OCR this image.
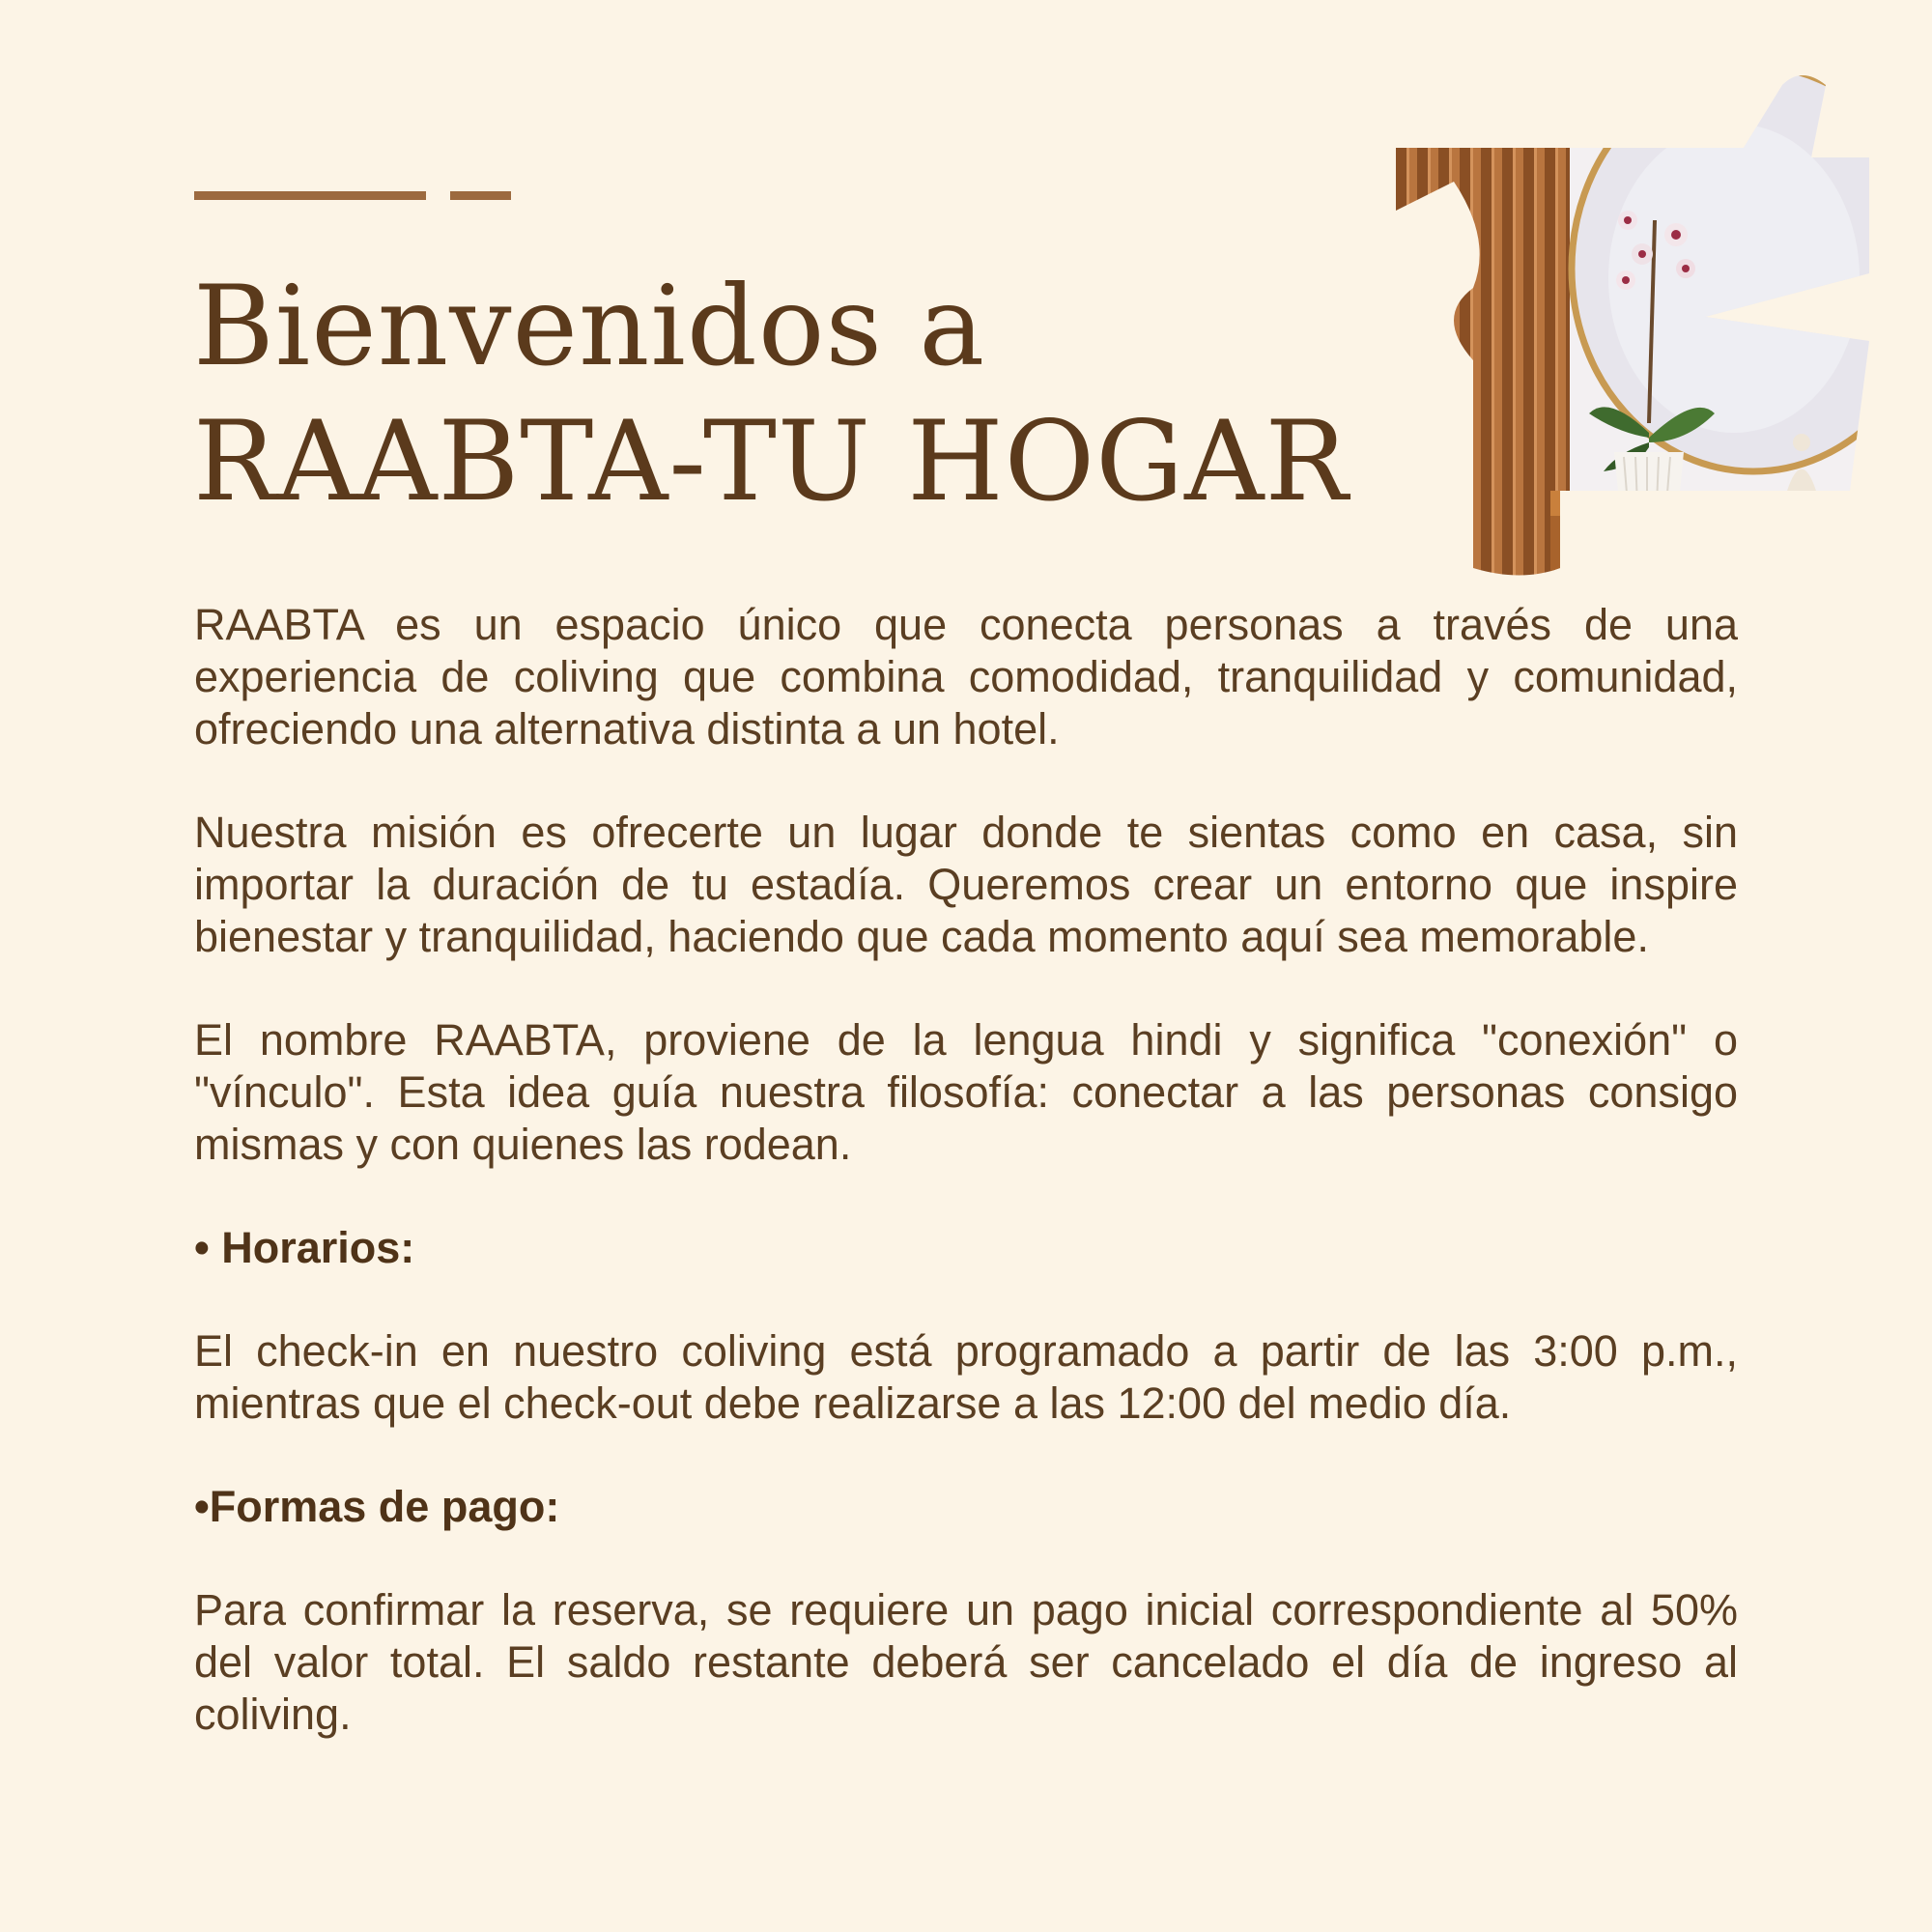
Bienvenidos a
RAABTA-TU HOGAR

RAABTA es un espacio único que conecta personas a través de una experiencia de coliving que combina comodidad, tranquilidad y comunidad, ofreciendo una alternativa distinta a un hotel.

Nuestra misión es ofrecerte un lugar donde te sientas como en casa, sin importar la duración de tu estadía. Queremos crear un entorno que inspire bienestar y tranquilidad, haciendo que cada momento aquí sea memorable.

El nombre RAABTA, proviene de la lengua hindi y significa "conexión" o "vínculo". Esta idea guía nuestra filosofía: conectar a las personas consigo mismas y con quienes las rodean.

• Horarios:

El check-in en nuestro coliving está programado a partir de las 3:00 p.m., mientras que el check-out debe realizarse a las 12:00 del medio día.

•Formas de pago:

Para confirmar la reserva, se requiere un pago inicial correspondiente al 50% del valor total. El saldo restante deberá ser cancelado el día de ingreso al coliving.
